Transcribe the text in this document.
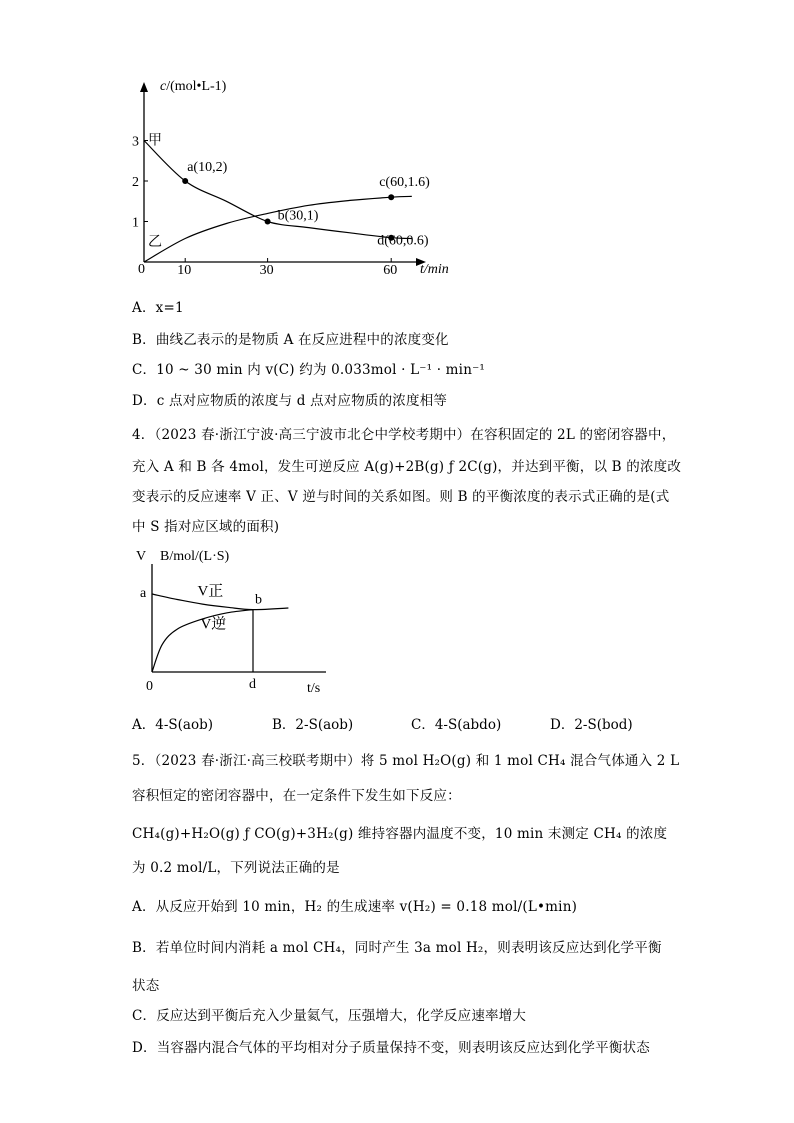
c/(mol•L-1)
t/min
0 10	30	60
1
2
3 甲
乙
a(10,2)
b(30,1)
c(60,1.6)
d(60,0.6)
A．x=1
B．曲线乙表示的是物质 A 在反应进程中的浓度变化
C．10 ~ 30 min 内 v(C) 约为 0.033mol · L⁻¹ · min⁻¹
D．c 点对应物质的浓度与 d 点对应物质的浓度相等
4．（2023 春·浙江宁波·高三宁波市北仑中学校考期中）在容积固定的 2L 的密闭容器中，
充入 A 和 B 各 4mol，发生可逆反应 A(g)+2B(g) ƒ 2C(g)，并达到平衡，以 B 的浓度改
变表示的反应速率 V 正、V 逆与时间的关系如图。则 B 的平衡浓度的表示式正确的是(式
中 S 指对应区域的面积)
V B/mol/(L·S)
t/s
0
V正
V逆
a	b
d
A．4-S(aob)	B．2-S(aob)	C．4-S(abdo)	D．2-S(bod)
5．（2023 春·浙江·高三校联考期中）将 5 mol H₂O(g) 和 1 mol CH₄ 混合气体通入 2 L
容积恒定的密闭容器中，在一定条件下发生如下反应：
CH₄(g)+H₂O(g) ƒ CO(g)+3H₂(g) 维持容器内温度不变，10 min 末测定 CH₄ 的浓度
为 0.2 mol/L，下列说法正确的是
A．从反应开始到 10 min，H₂ 的生成速率 v(H₂) = 0.18 mol/(L•min)
B．若单位时间内消耗 a mol CH₄，同时产生 3a mol H₂，则表明该反应达到化学平衡
状态
C．反应达到平衡后充入少量氦气，压强增大，化学反应速率增大
D．当容器内混合气体的平均相对分子质量保持不变，则表明该反应达到化学平衡状态
